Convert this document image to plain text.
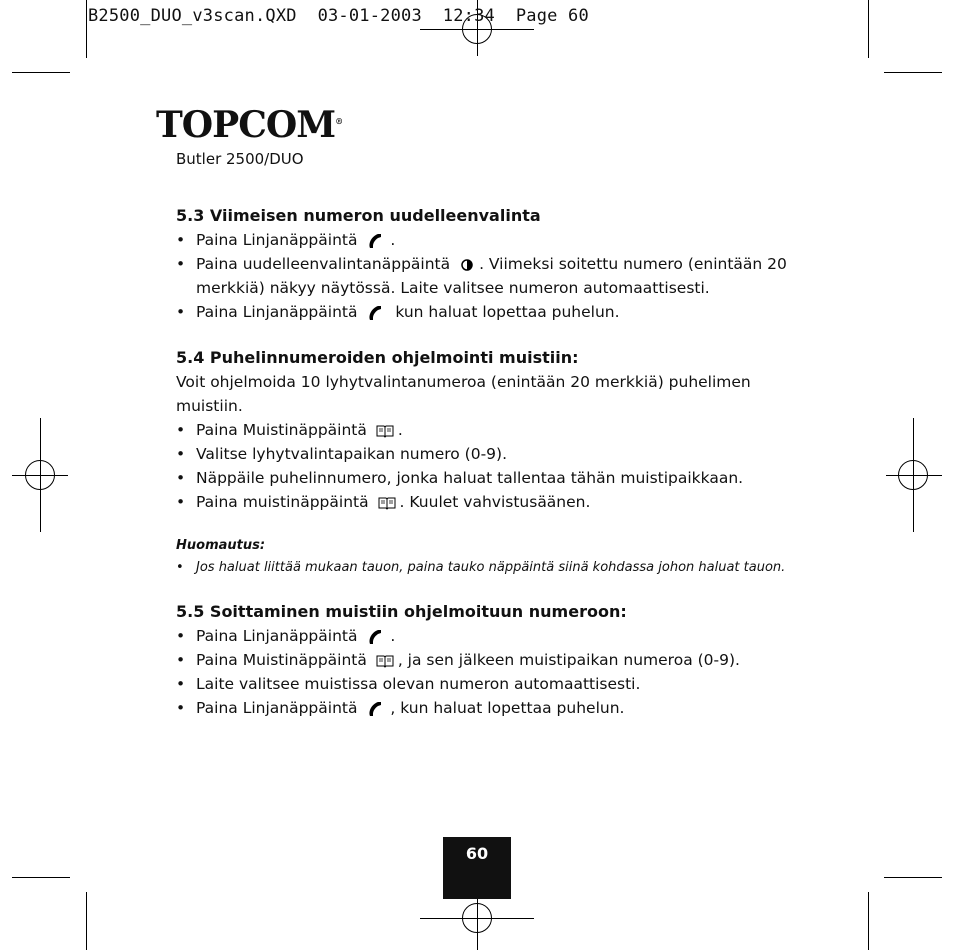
B2500_DUO_v3scan.QXD  03-01-2003  12:34  Page 60
TOPCOM®
Butler 2500/DUO
5.3 Viimeisen numeron uudelleenvalinta
• Paina Linjanäppäintä .
• Paina uudelleenvalintanäppäintä . Viimeksi soitettu numero (enintään 20 merkkiä) näkyy näytössä. Laite valitsee numeron automaattisesti.
• Paina Linjanäppäintä kun haluat lopettaa puhelun.
5.4 Puhelinnumeroiden ohjelmointi muistiin:

Voit ohjelmoida 10 lyhytvalintanumeroa (enintään 20 merkkiä) puhelimen muistiin.

• Paina Muistinäppäintä .
• Valitse lyhytvalintapaikan numero (0-9).
• Näppäile puhelinnumero, jonka haluat tallentaa tähän muistipaikkaan.
• Paina muistinäppäintä . Kuulet vahvistusäänen.
Huomautus:
• Jos haluat liittää mukaan tauon, paina tauko näppäintä siinä kohdassa johon haluat tauon.
5.5 Soittaminen muistiin ohjelmoituun numeroon:
• Paina Linjanäppäintä .
• Paina Muistinäppäintä , ja sen jälkeen muistipaikan numeroa (0-9).
• Laite valitsee muistissa olevan numeron automaattisesti.
• Paina Linjanäppäintä , kun haluat lopettaa puhelun.
60
